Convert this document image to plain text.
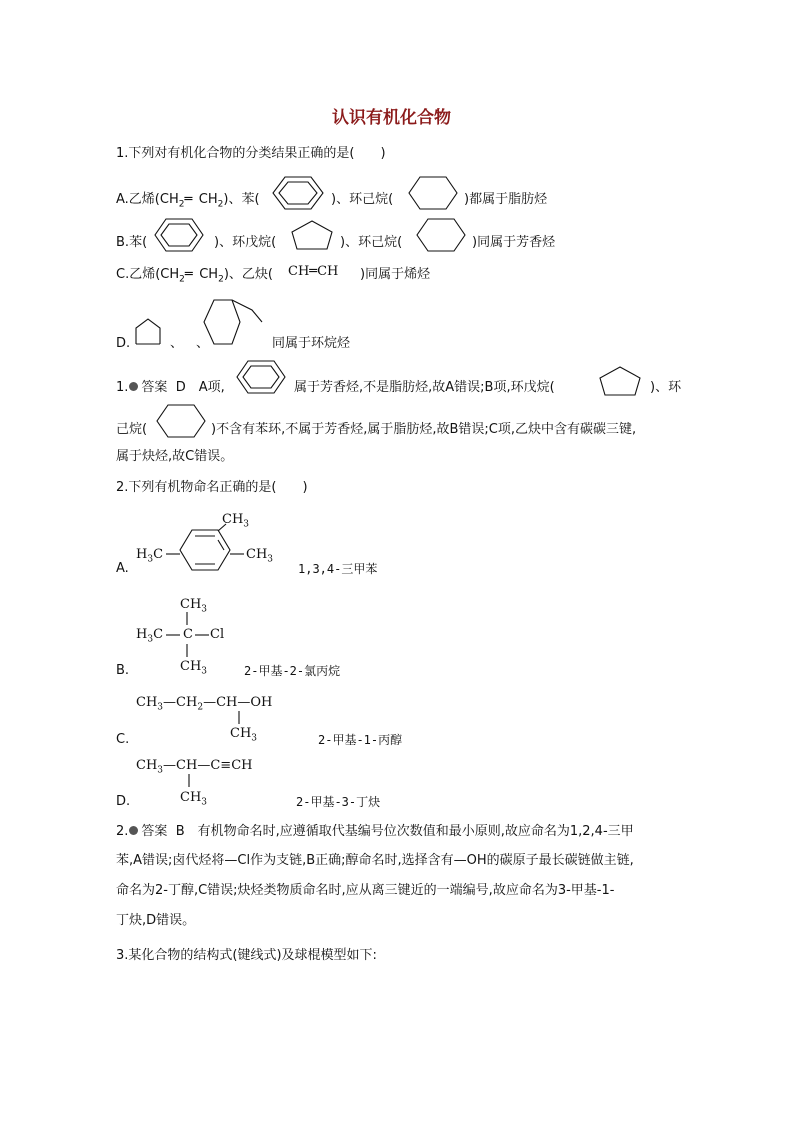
认识有机化合物
1.下列对有机化合物的分类结果正确的是(  )
A.乙烯($CH_2═$ $CH_2$)、苯(	)、环己烷(	)都属于脂肪烃
B.苯(	)、环戊烷(	)、环己烷(	)同属于芳香烃
C.乙烯($CH_2═$ $CH_2$)、乙炔( CH═CH )同属于烯烃
D.	、 、	同属于环烷烃
1. 答案 D A项,	属于芳香烃,不是脂肪烃,故A错误;B项,环戊烷(	)、环
己烷(	)不含有苯环,不属于芳香烃,属于脂肪烃,故B错误;C项,乙炔中含有碳碳三键,
属于炔烃,故C错误。
2.下列有机物命名正确的是(  )
A.
$CH_3$
$H_3C$	$CH_3$
1,3,4-三甲苯
$CH_3$
$H_3C$ C Cl
$CH_3$
B.	2-甲基-2-氯丙烷
$CH_3—CH_2—CH—OH$
$CH_3$
C.	2-甲基-1-丙醇
$CH_3—CH—C\equiv CH$
$CH_3$
D.	2-甲基-3-丁炔
2. 答案 B 有机物命名时,应遵循取代基编号位次数值和最小原则,故应命名为1,2,4-三甲
苯,A错误;卤代烃将—Cl作为支链,B正确;醇命名时,选择含有—OH的碳原子最长碳链做主链,
命名为2-丁醇,C错误;炔烃类物质命名时,应从离三键近的一端编号,故应命名为3-甲基-1-
丁炔,D错误。
3.某化合物的结构式(键线式)及球棍模型如下:
